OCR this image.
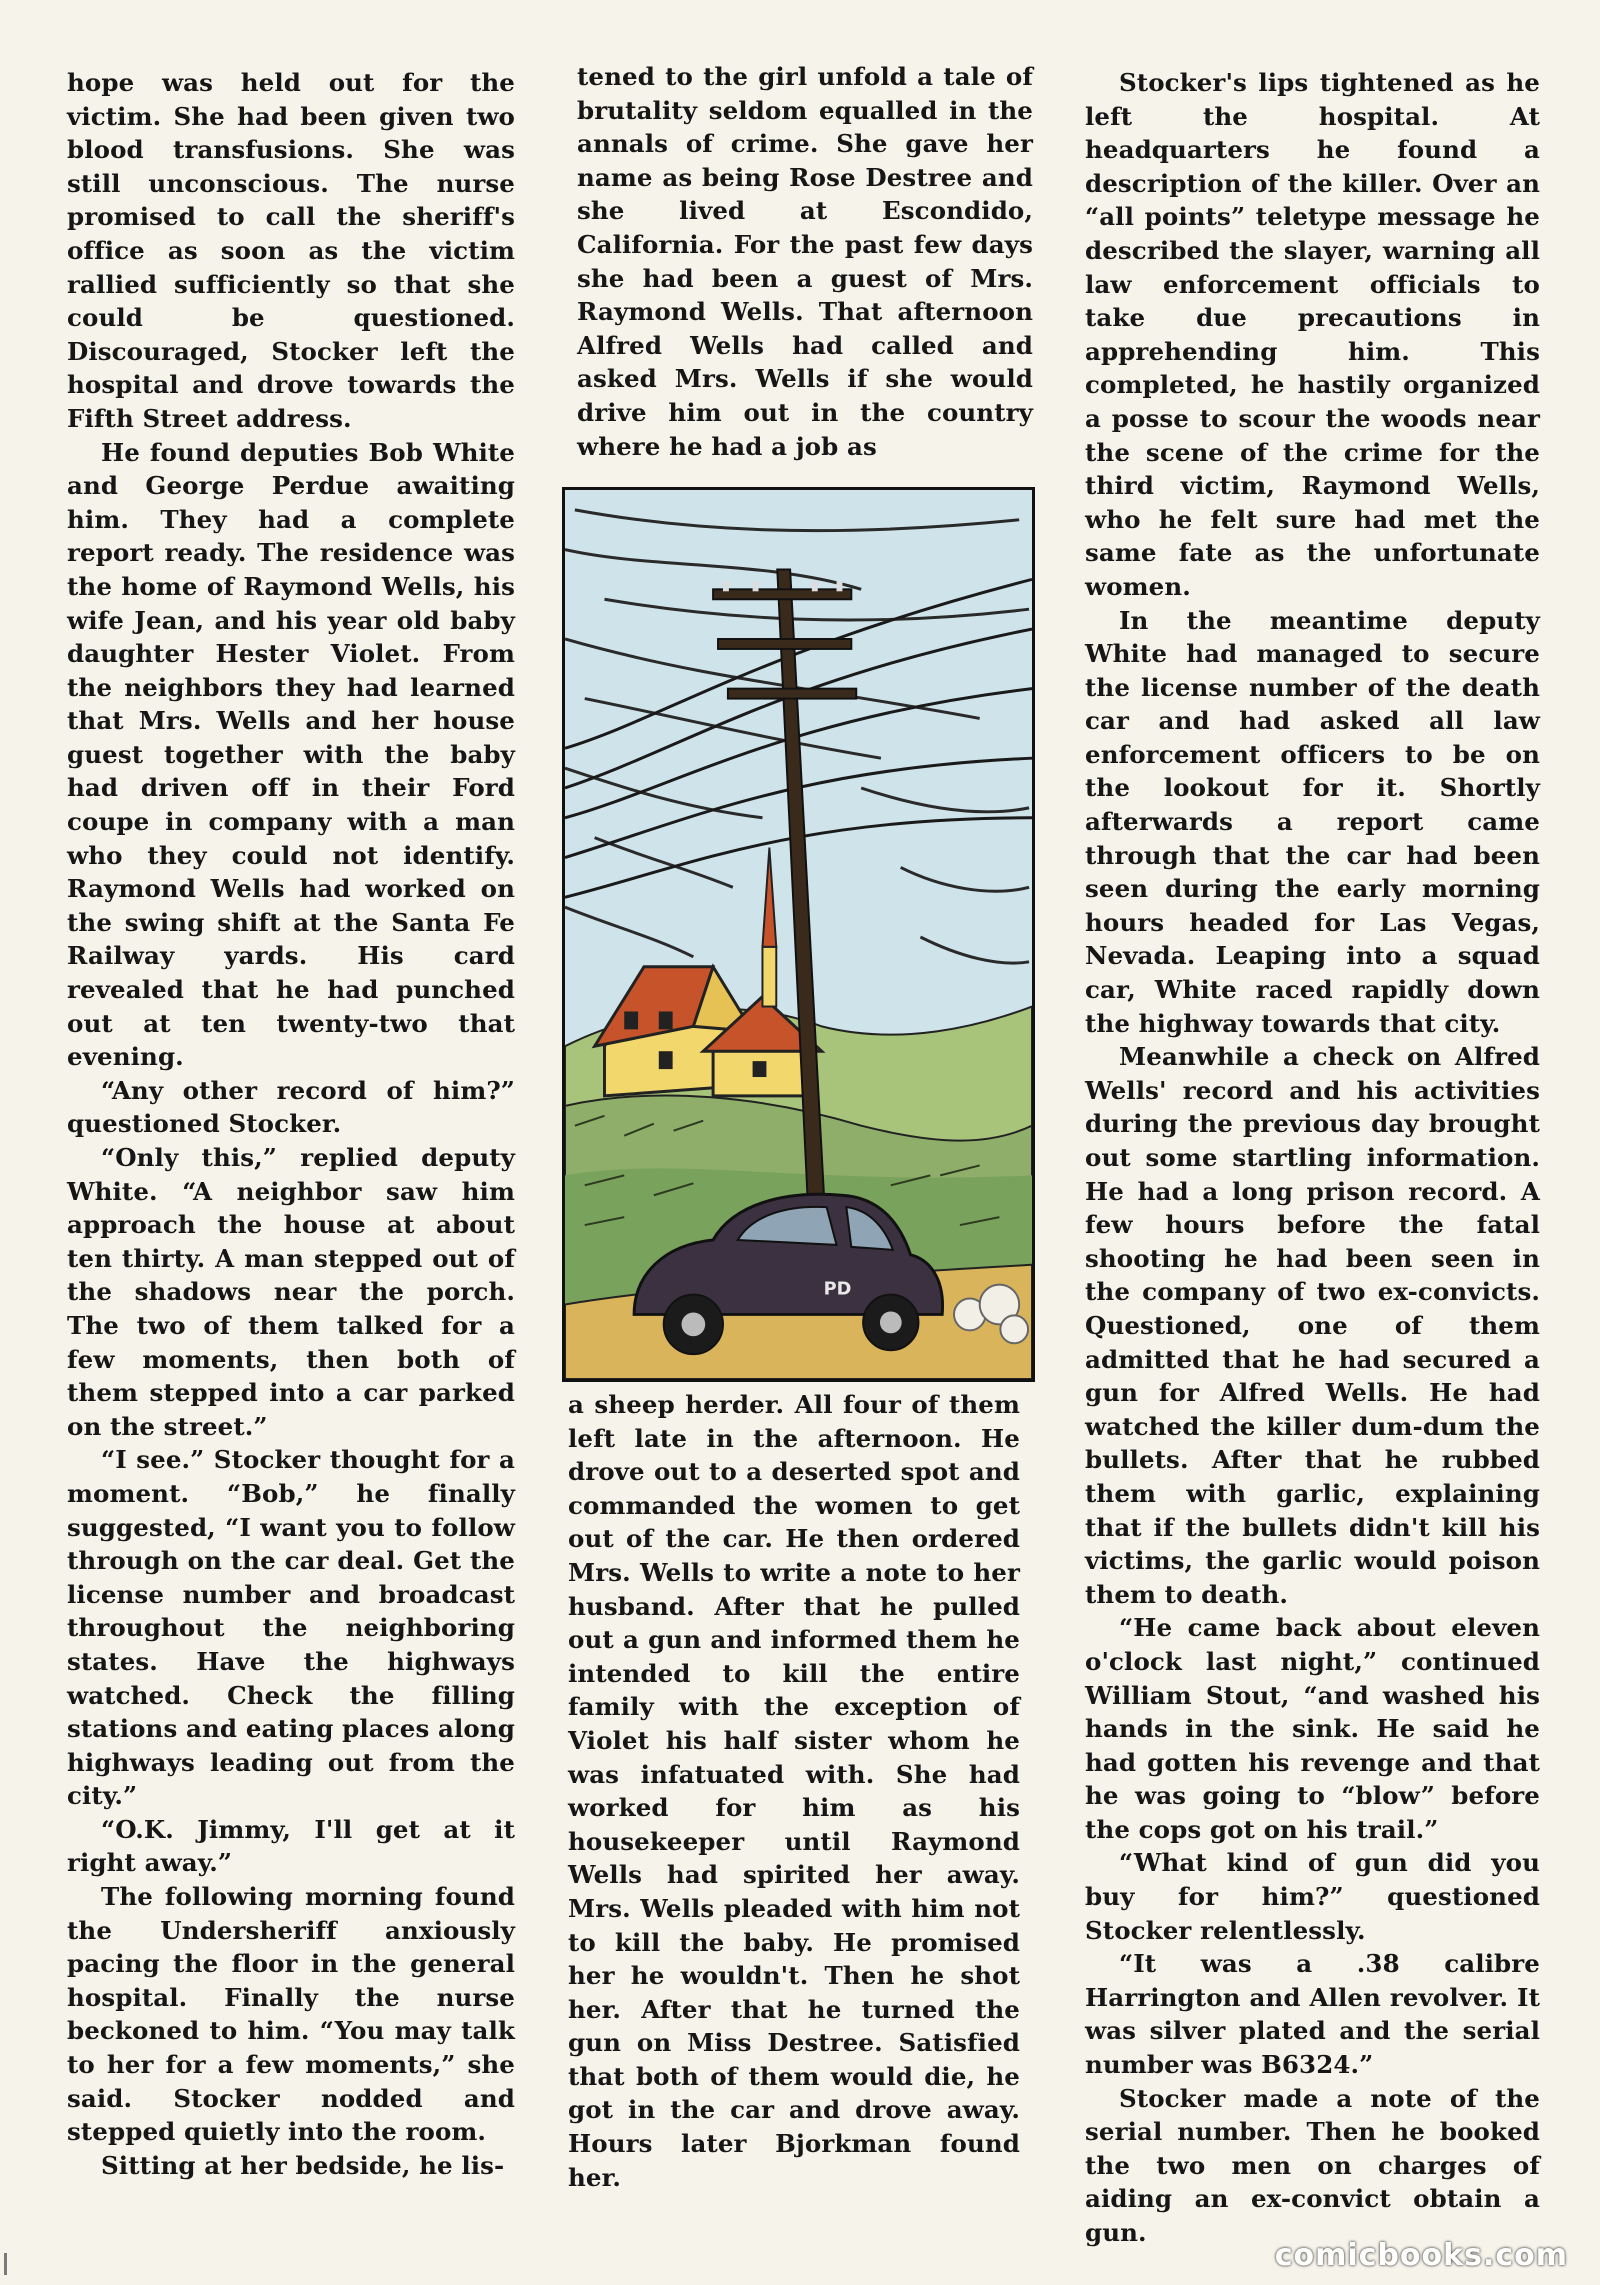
hope was held out for the victim. She had been given two blood transfusions. She was still unconscious. The nurse promised to call the sheriff's office as soon as the victim rallied sufficiently so that she could be questioned. Discouraged, Stocker left the hospital and drove towards the Fifth Street address.

He found deputies Bob White and George Perdue awaiting him. They had a complete report ready. The residence was the home of Raymond Wells, his wife Jean, and his year old baby daughter Hester Violet. From the neighbors they had learned that Mrs. Wells and her house guest together with the baby had driven off in their Ford coupe in company with a man who they could not identify. Raymond Wells had worked on the swing shift at the Santa Fe Railway yards. His card revealed that he had punched out at ten twenty-two that evening.

“Any other record of him?” questioned Stocker.

“Only this,” replied deputy White. “A neighbor saw him approach the house at about ten thirty. A man stepped out of the shadows near the porch. The two of them talked for a few moments, then both of them stepped into a car parked on the street.”

“I see.” Stocker thought for a moment. “Bob,” he finally suggested, “I want you to follow through on the car deal. Get the license number and broadcast throughout the neighboring states. Have the highways watched. Check the filling stations and eating places along highways leading out from the city.”

“O.K. Jimmy, I'll get at it right away.”

The following morning found the Undersheriff anxiously pacing the floor in the general hospital. Finally the nurse beckoned to him. “You may talk to her for a few moments,” she said. Stocker nodded and stepped quietly into the room.

Sitting at her bedside, he lis-

tened to the girl unfold a tale of brutality seldom equalled in the annals of crime. She gave her name as being Rose Destree and she lived at Escondido, California. For the past few days she had been a guest of Mrs. Raymond Wells. That afternoon Alfred Wells had called and asked Mrs. Wells if she would drive him out in the country where he had a job as

PD

a sheep herder. All four of them left late in the afternoon. He drove out to a deserted spot and commanded the women to get out of the car. He then ordered Mrs. Wells to write a note to her husband. After that he pulled out a gun and informed them he intended to kill the entire family with the exception of Violet his half sister whom he was infatuated with. She had worked for him as his housekeeper until Raymond Wells had spirited her away. Mrs. Wells pleaded with him not to kill the baby. He promised her he wouldn't. Then he shot her. After that he turned the gun on Miss Destree. Satisfied that both of them would die, he got in the car and drove away. Hours later Bjorkman found her.

Stocker's lips tightened as he left the hospital. At headquarters he found a description of the killer. Over an “all points” teletype message he described the slayer, warning all law enforcement officials to take due precautions in apprehending him. This completed, he hastily organized a posse to scour the woods near the scene of the crime for the third victim, Raymond Wells, who he felt sure had met the same fate as the unfortunate women.

In the meantime deputy White had managed to secure the license number of the death car and had asked all law enforcement officers to be on the lookout for it. Shortly afterwards a report came through that the car had been seen during the early morning hours headed for Las Vegas, Nevada. Leaping into a squad car, White raced rapidly down the highway towards that city.

Meanwhile a check on Alfred Wells' record and his activities during the previous day brought out some startling information. He had a long prison record. A few hours before the fatal shooting he had been seen in the company of two ex-convicts. Questioned, one of them admitted that he had secured a gun for Alfred Wells. He had watched the killer dum-dum the bullets. After that he rubbed them with garlic, explaining that if the bullets didn't kill his victims, the garlic would poison them to death.

“He came back about eleven o'clock last night,” continued William Stout, “and washed his hands in the sink. He said he had gotten his revenge and that he was going to “blow” before the cops got on his trail.”

“What kind of gun did you buy for him?” questioned Stocker relentlessly.

“It was a .38 calibre Harrington and Allen revolver. It was silver plated and the serial number was B6324.”

Stocker made a note of the serial number. Then he booked the two men on charges of aiding an ex-convict obtain a gun.

comicbooks.com
